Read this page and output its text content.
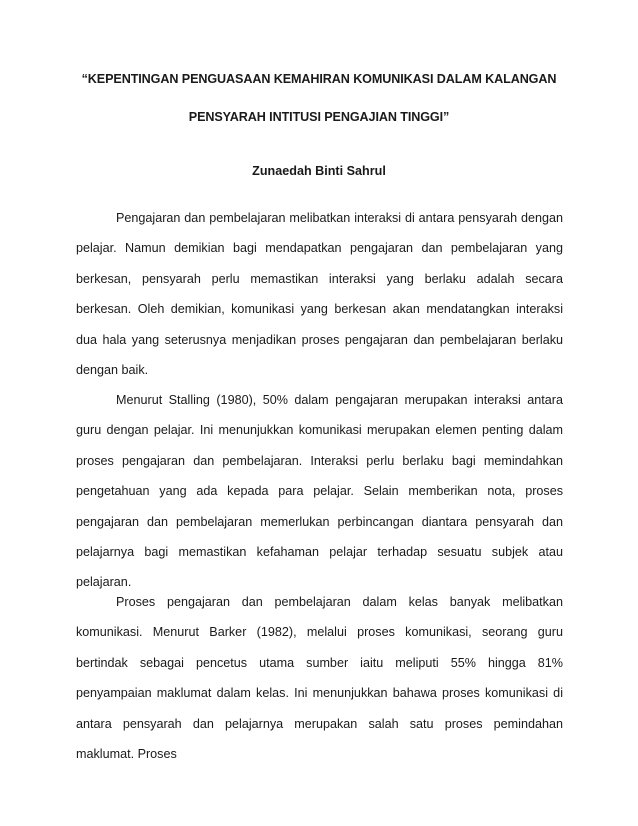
“KEPENTINGAN PENGUASAAN KEMAHIRAN KOMUNIKASI DALAM KALANGAN
PENSYARAH INTITUSI PENGAJIAN TINGGI”
Zunaedah Binti Sahrul

Pengajaran dan pembelajaran melibatkan interaksi di antara pensyarah dengan pelajar. Namun demikian bagi mendapatkan pengajaran dan pembelajaran yang berkesan, pensyarah perlu memastikan interaksi yang berlaku adalah secara berkesan. Oleh demikian, komunikasi yang berkesan akan mendatangkan interaksi dua hala yang seterusnya menjadikan proses pengajaran dan pembelajaran berlaku dengan baik.

Menurut Stalling (1980), 50% dalam pengajaran merupakan interaksi antara guru dengan pelajar. Ini menunjukkan komunikasi merupakan elemen penting dalam proses pengajaran dan pembelajaran. Interaksi perlu berlaku bagi memindahkan pengetahuan yang ada kepada para pelajar. Selain memberikan nota, proses pengajaran dan pembelajaran memerlukan perbincangan diantara pensyarah dan pelajarnya bagi memastikan kefahaman pelajar terhadap sesuatu subjek atau pelajaran.

Proses pengajaran dan pembelajaran dalam kelas banyak melibatkan komunikasi. Menurut Barker (1982), melalui proses komunikasi, seorang guru bertindak sebagai pencetus utama sumber iaitu meliputi 55% hingga 81% penyampaian maklumat dalam kelas. Ini menunjukkan bahawa proses komunikasi di antara pensyarah dan pelajarnya merupakan salah satu proses pemindahan maklumat. Proses
